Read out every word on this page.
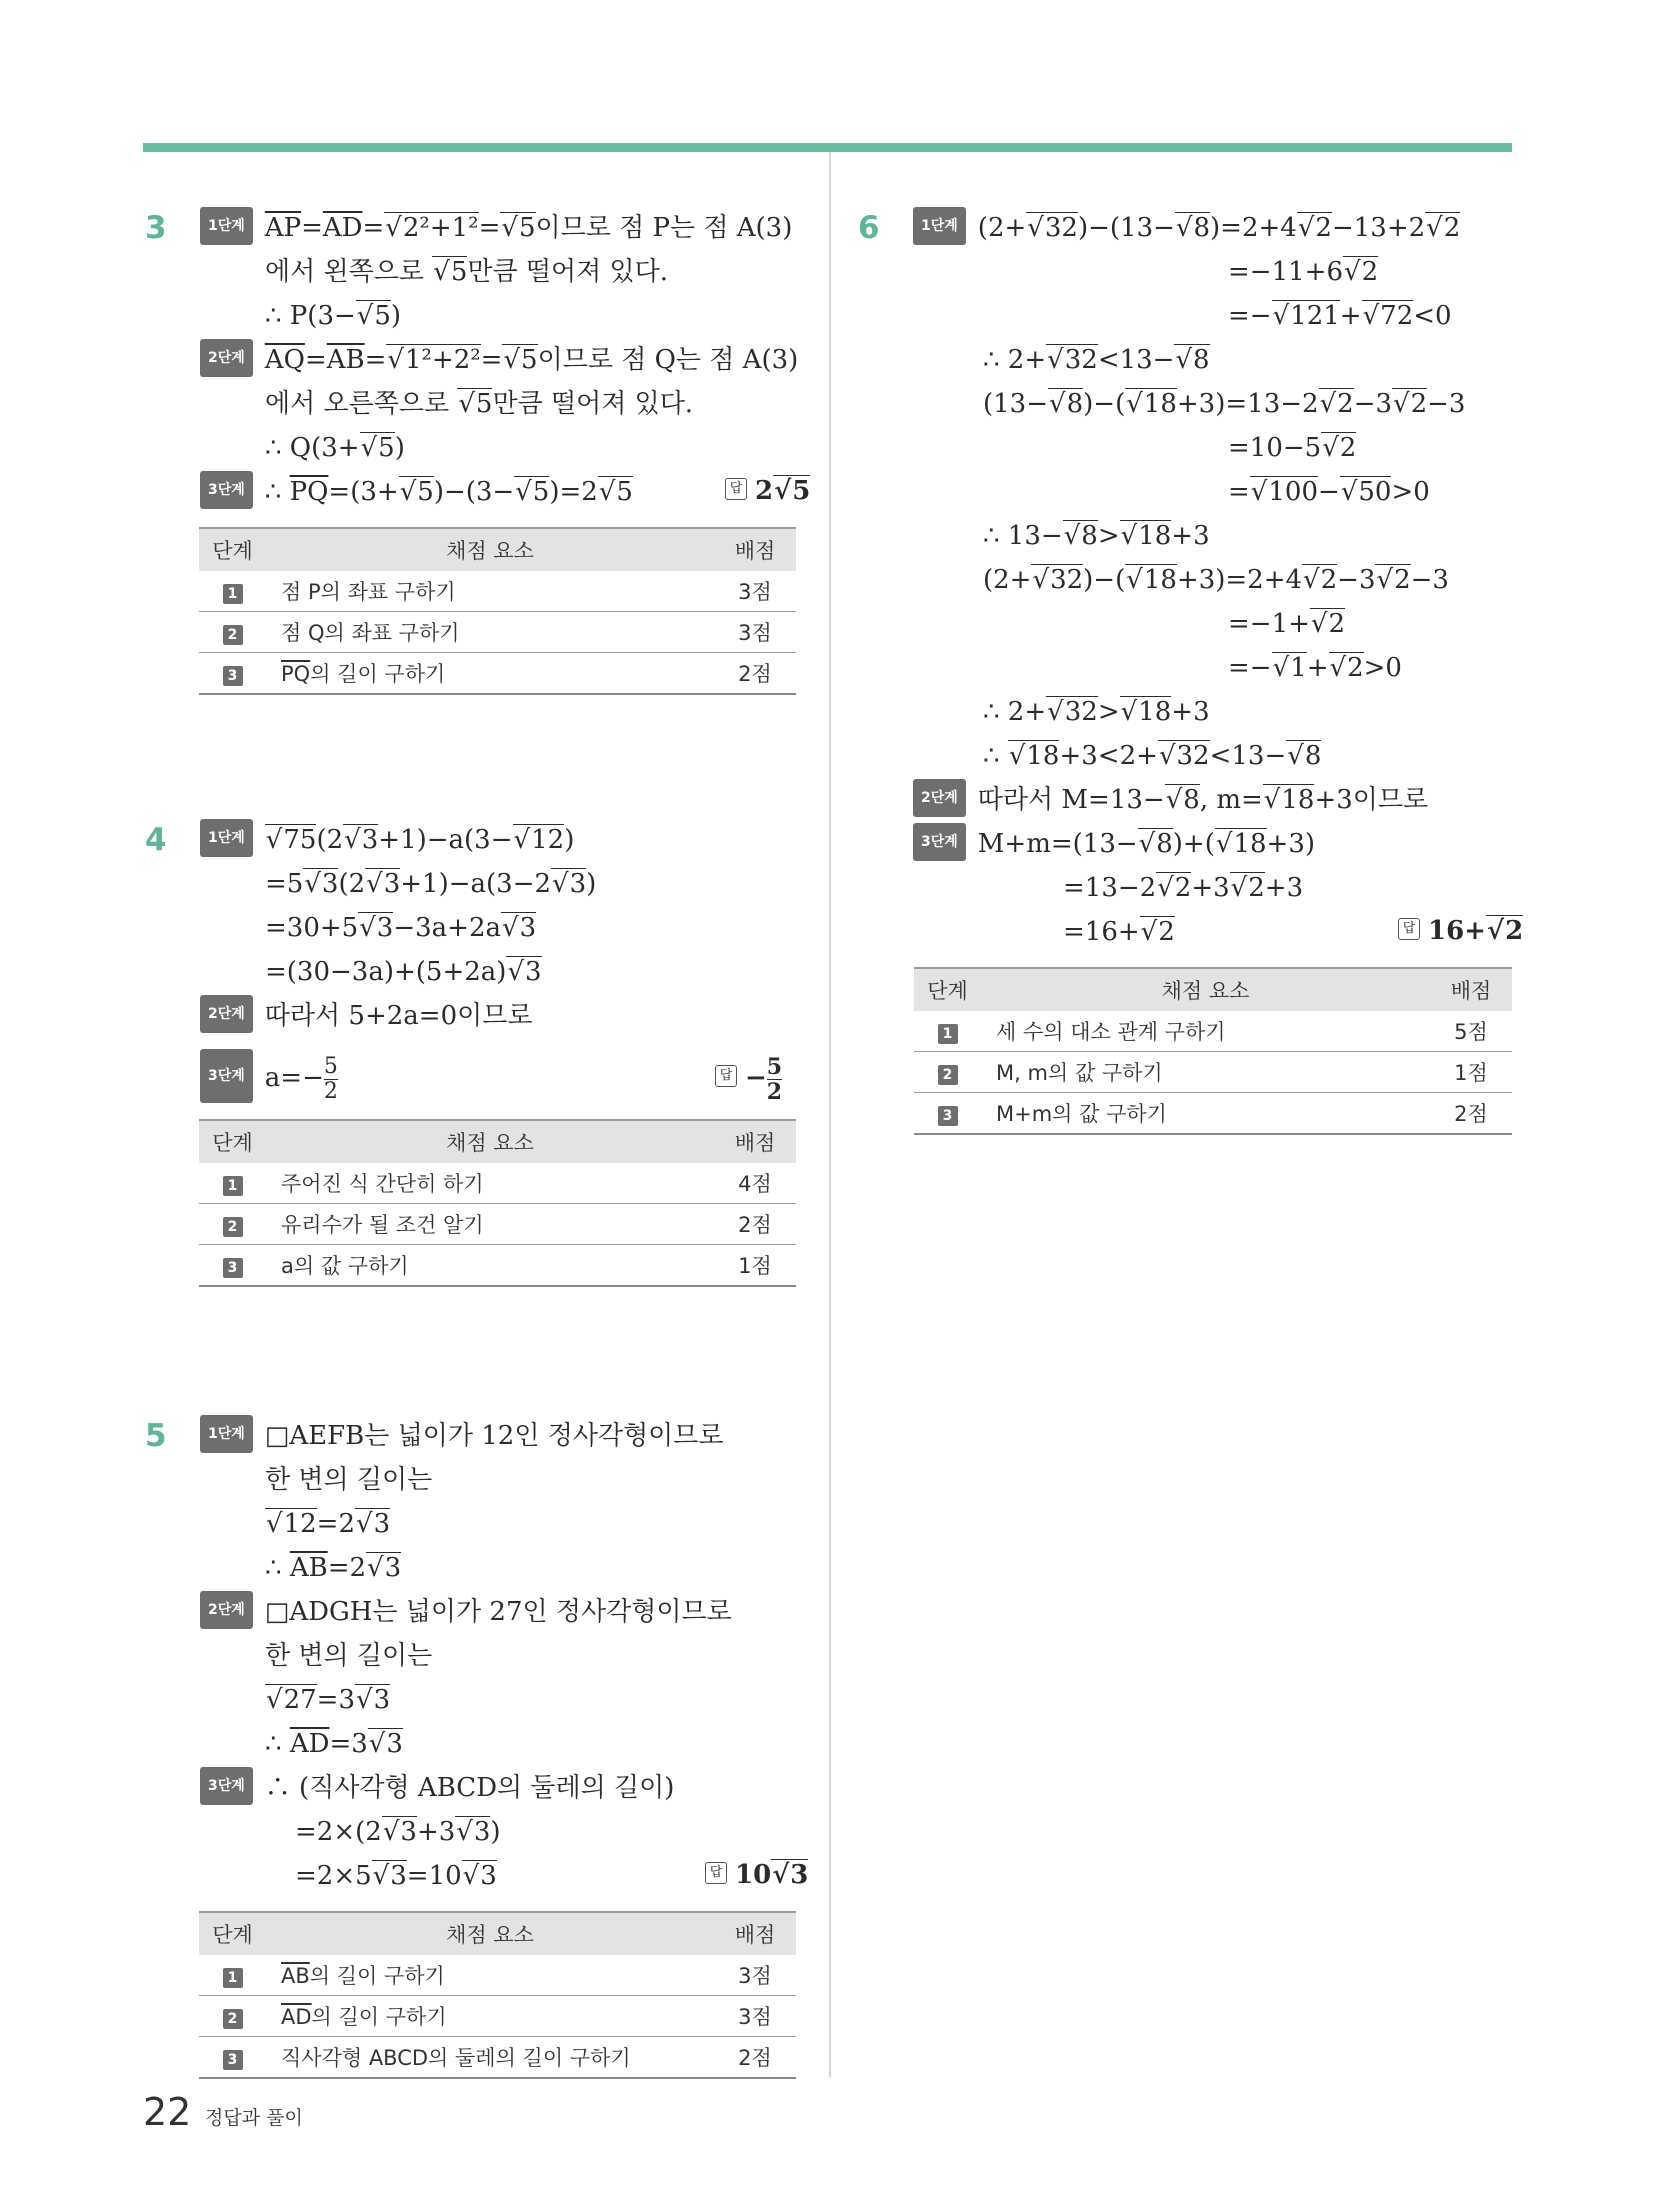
3	1단계 $\overline{AP}=\overline{AD}=$ √ 2²+1²= √ 5이므로 점 P는 점 A(3)
에서 왼쪽으로 √ 5만큼 떨어져 있다.
∴ P(3− √ 5)
2단계 $\overline{AQ}=\overline{AB}=$ √ 1²+2²= √ 5이므로 점 Q는 점 A(3)
에서 오른쪽으로 √ 5만큼 떨어져 있다.
∴ Q(3+ √ 5)
3단계 ∴ $\overline{PQ}=(3+$ √ 5)−(3− √ 5)=2 √ 5	답 2 √ 5
단계	채점 요소	배점
1	점 P의 좌표 구하기	3점
2	점 Q의 좌표 구하기	3점
3	$\overline{PQ}$의 길이 구하기	2점
4	1단계 √ 75(2 √ 3+1)−a(3− √ 12)
=5 √ 3(2 √ 3+1)−a(3−2 √ 3)
=30+5 √ 3−3a+2a √ 3
=(30−3a)+(5+2a) √ 3
2단계 따라서 5+2a=0이므로
3단계 $a=- \frac{5}{2}$	답 − $\frac{5}{2}$
단계	채점 요소	배점
1	주어진 식 간단히 하기	4점
2	유리수가 될 조건 알기	2점
3	a의 값 구하기	1점
5	1단계 □AEFB는 넓이가 12인 정사각형이므로
한 변의 길이는
√ 12=2 √ 3
∴ $\overline{AB}=2$ √ 3
2단계 □ADGH는 넓이가 27인 정사각형이므로
한 변의 길이는
√ 27=3 √ 3
∴ $\overline{AD}=3$ √ 3
3단계 ∴ (직사각형 ABCD의 둘레의 길이)
=2×(2 √ 3+3 √ 3)
=2×5 √ 3=10 √ 3	답 10 √ 3
단계	채점 요소	배점
1	$\overline{AB}$의 길이 구하기	3점
2	$\overline{AD}$의 길이 구하기	3점
3	직사각형 ABCD의 둘레의 길이 구하기	2점
6	1단계 (2+ √ 32)−(13− √ 8)=2+4 √ 2−13+2 √ 2
=−11+6 √ 2
=− √ 121+ √ 72<0
∴ 2+ √ 32<13− √ 8
(13− √ 8)−( √ 18+3)=13−2 √ 2−3 √ 2−3
=10−5 √ 2
= √ 100− √ 50>0
∴ 13− √ 8> √ 18+3
(2+ √ 32)−( √ 18+3)=2+4 √ 2−3 √ 2−3
=−1+ √ 2
=− √ 1+ √ 2>0
∴ 2+ √ 32> √ 18+3
∴ √ 18+3<2+ √ 32<13− √ 8
2단계 따라서 M=13− √ 8, m= √ 18+3이므로
3단계 M+m=(13− √ 8)+( √ 18+3)
=13−2 √ 2+3 √ 2+3
=16+ √ 2	답 16+ √ 2
단계	채점 요소	배점
1	세 수의 대소 관계 구하기	5점
2	M, m의 값 구하기	1점
3	M+m의 값 구하기	2점
22 정답과 풀이
